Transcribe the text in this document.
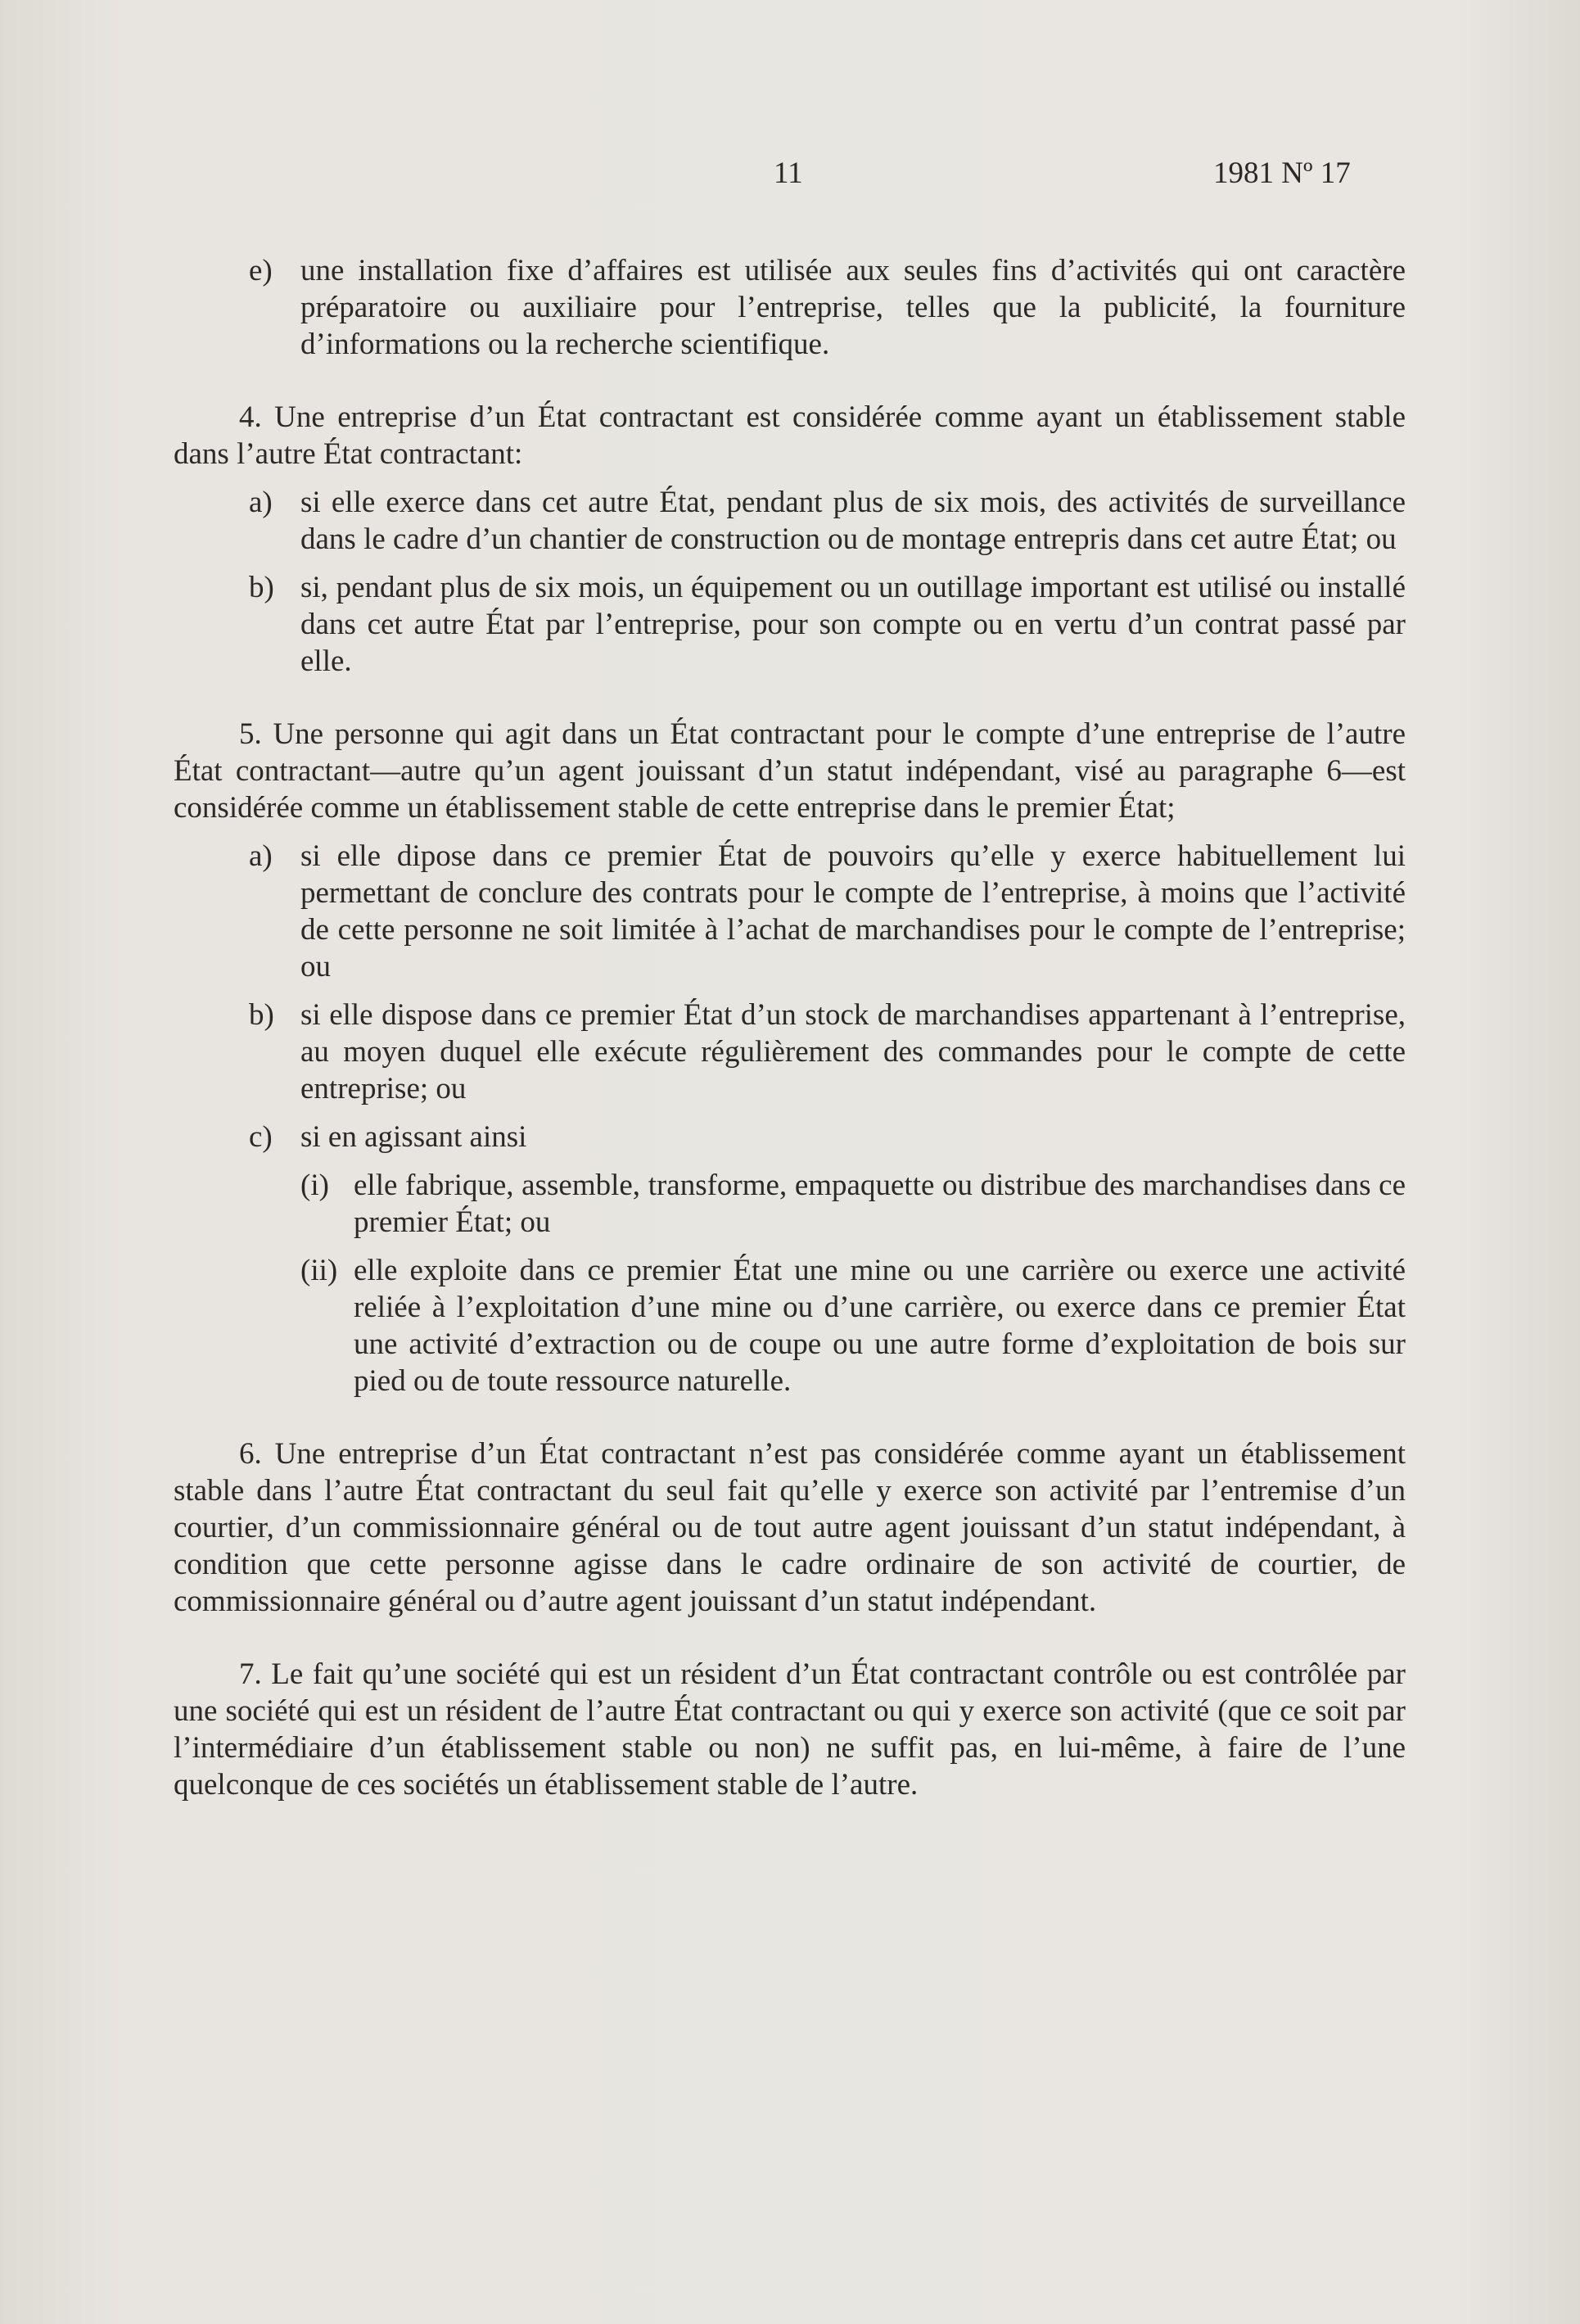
11	1981 Nº 17
e) une installation fixe d’affaires est utilisée aux seules fins d’activités qui ont caractère préparatoire ou auxiliaire pour l’entreprise, telles que la publicité, la fourniture d’informations ou la recherche scientifique.
4. Une entreprise d’un État contractant est considérée comme ayant un établissement stable dans l’autre État contractant:
a) si elle exerce dans cet autre État, pendant plus de six mois, des activités de surveillance dans le cadre d’un chantier de construction ou de montage entrepris dans cet autre État; ou
b) si, pendant plus de six mois, un équipement ou un outillage important est utilisé ou installé dans cet autre État par l’entreprise, pour son compte ou en vertu d’un contrat passé par elle.
5. Une personne qui agit dans un État contractant pour le compte d’une entreprise de l’autre État contractant—autre qu’un agent jouissant d’un statut indépendant, visé au paragraphe 6—est considérée comme un établissement stable de cette entreprise dans le premier État;
a) si elle dipose dans ce premier État de pouvoirs qu’elle y exerce habituellement lui permettant de conclure des contrats pour le compte de l’entreprise, à moins que l’activité de cette personne ne soit limitée à l’achat de marchandises pour le compte de l’entreprise; ou
b) si elle dispose dans ce premier État d’un stock de marchandises appartenant à l’entreprise, au moyen duquel elle exécute régulièrement des commandes pour le compte de cette entreprise; ou
c) si en agissant ainsi
(i) elle fabrique, assemble, transforme, empaquette ou distribue des marchandises dans ce premier État; ou
(ii) elle exploite dans ce premier État une mine ou une carrière ou exerce une activité reliée à l’exploitation d’une mine ou d’une carrière, ou exerce dans ce premier État une activité d’extraction ou de coupe ou une autre forme d’exploitation de bois sur pied ou de toute ressource naturelle.
6. Une entreprise d’un État contractant n’est pas considérée comme ayant un établissement stable dans l’autre État contractant du seul fait qu’elle y exerce son activité par l’entremise d’un courtier, d’un commissionnaire général ou de tout autre agent jouissant d’un statut indépendant, à condition que cette personne agisse dans le cadre ordinaire de son activité de courtier, de commissionnaire général ou d’autre agent jouissant d’un statut indépendant.
7. Le fait qu’une société qui est un résident d’un État contractant contrôle ou est contrôlée par une société qui est un résident de l’autre État contractant ou qui y exerce son activité (que ce soit par l’intermédiaire d’un établissement stable ou non) ne suffit pas, en lui-même, à faire de l’une quelconque de ces sociétés un établissement stable de l’autre.
